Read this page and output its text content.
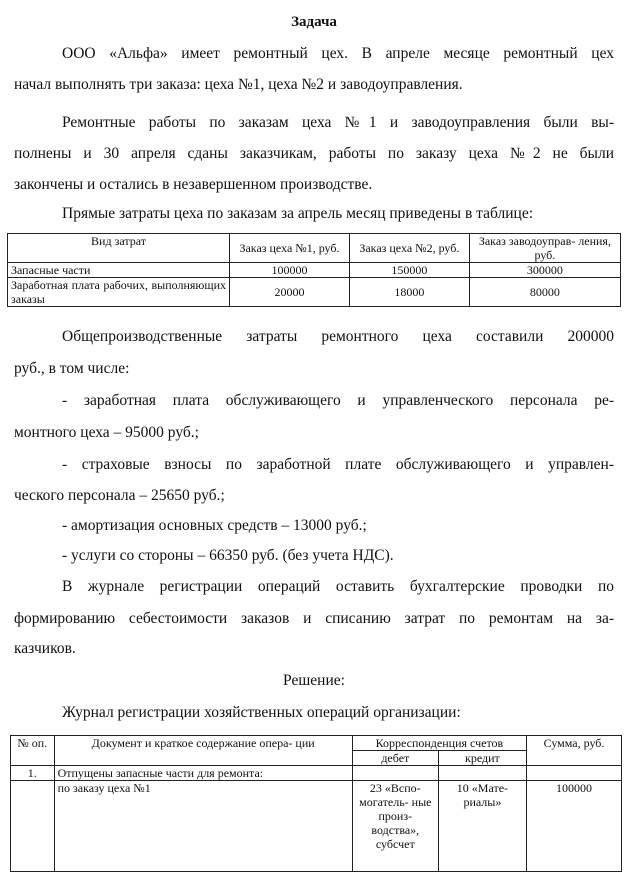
Задача
ООО «Альфа» имеет ремонтный цех. В апреле месяце ремонтный цех
начал выполнять три заказа: цеха №1, цеха №2 и заводоуправления.
Ремонтные работы по заказам цеха №1 и заводоуправления были вы-
полнены и 30 апреля сданы заказчикам, работы по заказу цеха №2 не были
закончены и остались в незавершенном производстве.
Прямые затраты цеха по заказам за апрель месяц приведены в таблице:
Вид затрат	Заказ цеха №1, руб.	Заказ цеха №2, руб.	Заказ заводоуправ- ления, руб.
Запасные части	100000	150000	300000
Заработная плата рабочих, выполняющих заказы	20000	18000	80000
Общепроизводственные затраты ремонтного цеха составили 200000
руб., в том числе:
- заработная плата обслуживающего и управленческого персонала ре-
монтного цеха – 95000 руб.;
- страховые взносы по заработной плате обслуживающего и управлен-
ческого персонала – 25650 руб.;
- амортизация основных средств – 13000 руб.;
- услуги со стороны – 66350 руб. (без учета НДС).
В журнале регистрации операций оставить бухгалтерские проводки по
формированию себестоимости заказов и списанию затрат по ремонтам на за-
казчиков.
Решение:
Журнал регистрации хозяйственных операций организации:
№ оп.	Документ и краткое содержание опера- ции	Корреспонденция счетов		Сумма, руб.
		дебет	кредит	
1.	Отпущены запасные части для ремонта:			
	по заказу цеха №1	23 «Вспо- могатель- ные произ- водства», субсчет	10 «Мате- риалы»	100000
